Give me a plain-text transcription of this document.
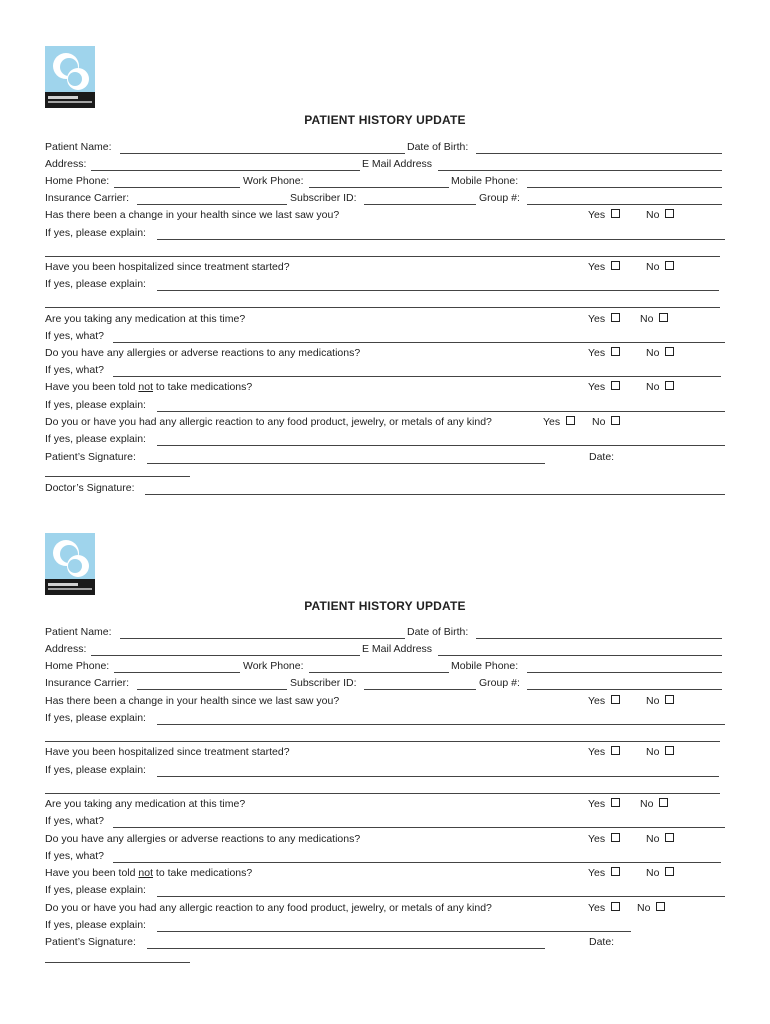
PATIENT HISTORY UPDATE
Patient Name:	Date of Birth:
Address:	E Mail Address
Home Phone:	Work Phone:	Mobile Phone:
Insurance Carrier:	Subscriber ID:	Group #:
Has there been a change in your health since we last saw you?	Yes	No
If yes, please explain:
Have you been hospitalized since treatment started?	Yes	No
If yes, please explain:
Are you taking any medication at this time?	Yes	No
If yes, what?
Do you have any allergies or adverse reactions to any medications?	Yes	No
If yes, what?
Have you been told not to take medications?	Yes	No
If yes, please explain:
Do you or have you had any allergic reaction to any food product, jewelry, or metals of any kind?	Yes	No
If yes, please explain:
Patient’s Signature:	Date:
Doctor’s Signature:
PATIENT HISTORY UPDATE
Patient Name:	Date of Birth:
Address:	E Mail Address
Home Phone:	Work Phone:	Mobile Phone:
Insurance Carrier:	Subscriber ID:	Group #:
Has there been a change in your health since we last saw you?	Yes	No
If yes, please explain:
Have you been hospitalized since treatment started?	Yes	No
If yes, please explain:
Are you taking any medication at this time?	Yes	No
If yes, what?
Do you have any allergies or adverse reactions to any medications?	Yes	No
If yes, what?
Have you been told not to take medications?	Yes	No
If yes, please explain:
Do you or have you had any allergic reaction to any food product, jewelry, or metals of any kind?	Yes	No
If yes, please explain:
Patient’s Signature:	Date:
